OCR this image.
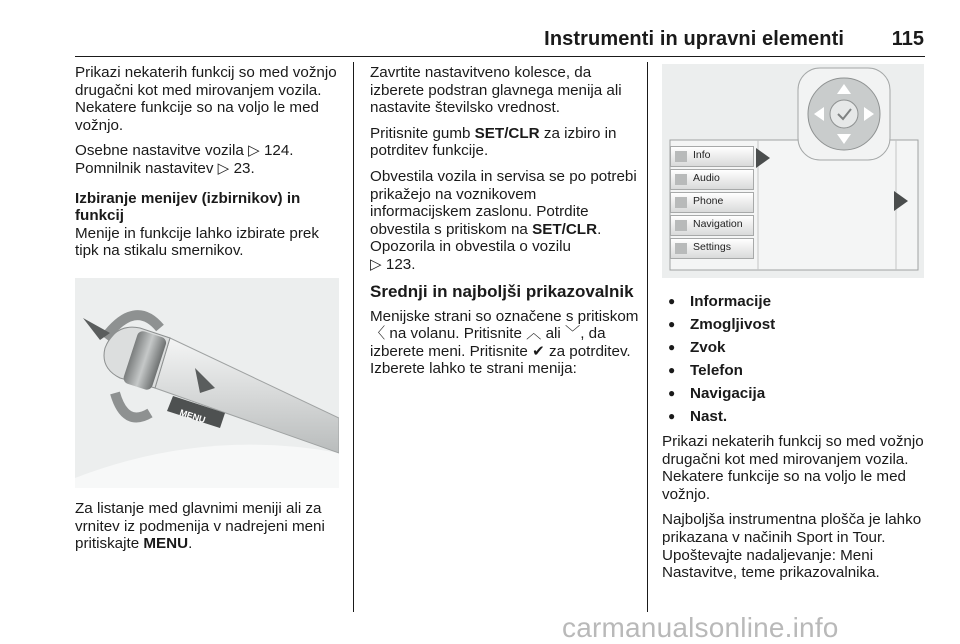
Instrumenti in upravni elementi 115

Prikazi nekaterih funkcij so med vožnjo drugačni kot med mirovanjem vozila. Nekatere funkcije so na voljo le med vožnjo.

Osebne nastavitve vozila ▷ 124.

Pomnilnik nastavitev ▷ 23.

Izbiranje menijev (izbirnikov) in funkcij

Menije in funkcije lahko izbirate prek tipk na stikalu smernikov.

MENU

Za listanje med glavnimi meniji ali za vrnitev iz podmenija v nadrejeni meni pritiskajte MENU.

Zavrtite nastavitveno kolesce, da izberete podstran glavnega menija ali nastavite številsko vrednost.

Pritisnite gumb SET/CLR za izbiro in potrditev funkcije.

Obvestila vozila in servisa se po potrebi prikažejo na voznikovem informacijskem zaslonu. Potrdite obvestila s pritiskom na SET/CLR.
Opozorila in obvestila o vozilu
▷ 123.

Srednji in najboljši prikazovalnik

Menijske strani so označene s pritiskom 〈 na volanu. Pritisnite ︿ ali ﹀, da izberete meni. Pritisnite ✔ za potrditev. Izberete lahko te strani menija:

Info
Audio
Phone
Navigation
Settings
● Informacije
● Zmogljivost
● Zvok
● Telefon
● Navigacija
● Nast.

Prikazi nekaterih funkcij so med vožnjo drugačni kot med mirovanjem vozila. Nekatere funkcije so na voljo le med vožnjo.

Najboljša instrumentna plošča je lahko prikazana v načinih Sport in Tour. Upoštevajte nadaljevanje: Meni Nastavitve, teme prikazovalnika.

carmanualsonline.info
